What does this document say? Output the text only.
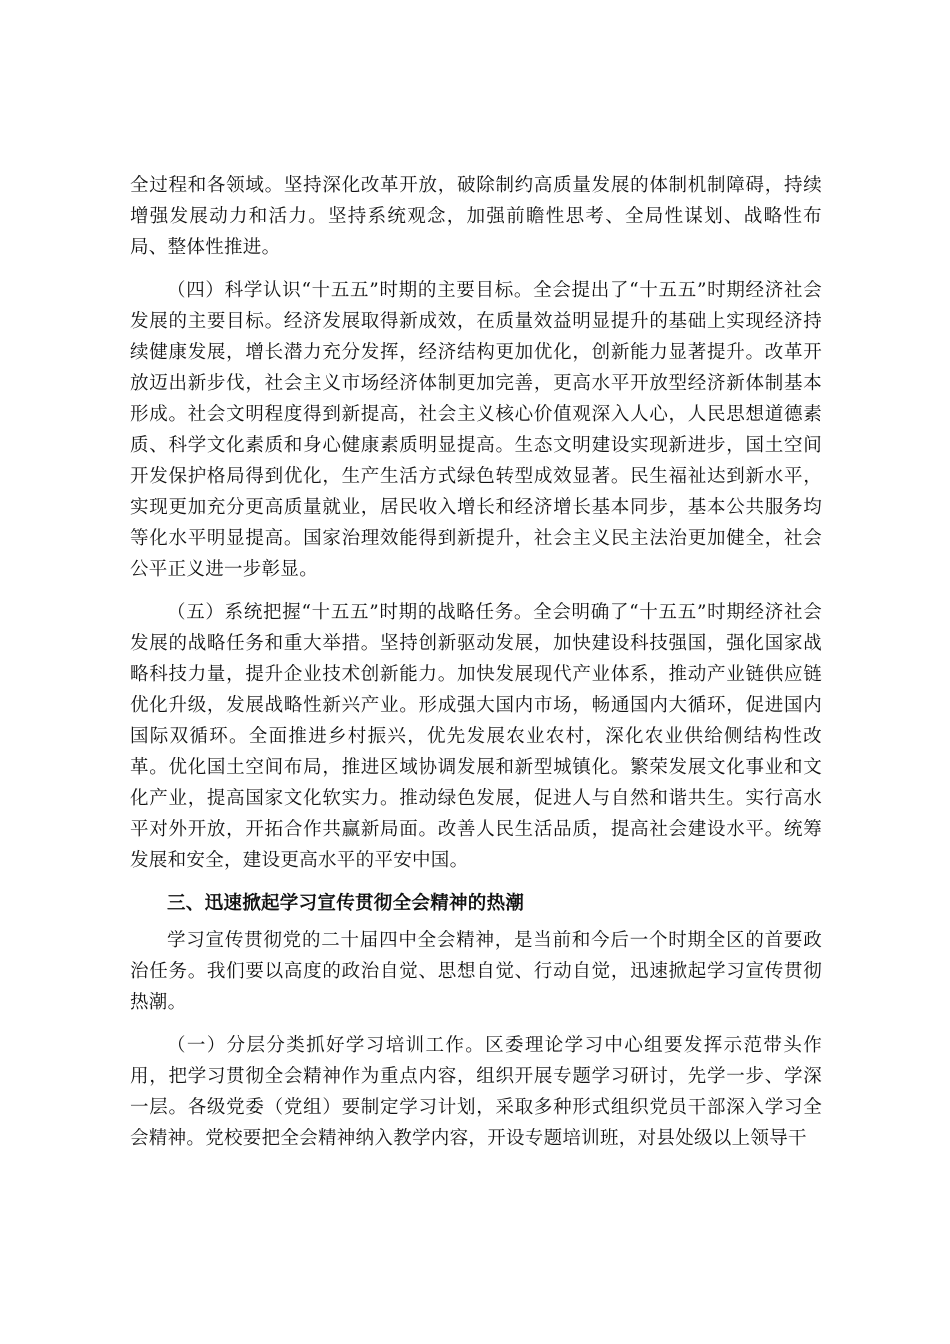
全过程和各领域。坚持深化改革开放，破除制约高质量发展的体制机制障碍，持续增强发展动力和活力。坚持系统观念，加强前瞻性思考、全局性谋划、战略性布局、整体性推进。

（四）科学认识“十五五”时期的主要目标。全会提出了“十五五”时期经济社会发展的主要目标。经济发展取得新成效，在质量效益明显提升的基础上实现经济持续健康发展，增长潜力充分发挥，经济结构更加优化，创新能力显著提升。改革开放迈出新步伐，社会主义市场经济体制更加完善，更高水平开放型经济新体制基本形成。社会文明程度得到新提高，社会主义核心价值观深入人心，人民思想道德素质、科学文化素质和身心健康素质明显提高。生态文明建设实现新进步，国土空间开发保护格局得到优化，生产生活方式绿色转型成效显著。民生福祉达到新水平，实现更加充分更高质量就业，居民收入增长和经济增长基本同步，基本公共服务均等化水平明显提高。国家治理效能得到新提升，社会主义民主法治更加健全，社会公平正义进一步彰显。

（五）系统把握“十五五”时期的战略任务。全会明确了“十五五”时期经济社会发展的战略任务和重大举措。坚持创新驱动发展，加快建设科技强国，强化国家战略科技力量，提升企业技术创新能力。加快发展现代产业体系，推动产业链供应链优化升级，发展战略性新兴产业。形成强大国内市场，畅通国内大循环，促进国内国际双循环。全面推进乡村振兴，优先发展农业农村，深化农业供给侧结构性改革。优化国土空间布局，推进区域协调发展和新型城镇化。繁荣发展文化事业和文化产业，提高国家文化软实力。推动绿色发展，促进人与自然和谐共生。实行高水平对外开放，开拓合作共赢新局面。改善人民生活品质，提高社会建设水平。统筹发展和安全，建设更高水平的平安中国。

三、迅速掀起学习宣传贯彻全会精神的热潮

学习宣传贯彻党的二十届四中全会精神，是当前和今后一个时期全区的首要政治任务。我们要以高度的政治自觉、思想自觉、行动自觉，迅速掀起学习宣传贯彻热潮。

（一）分层分类抓好学习培训工作。区委理论学习中心组要发挥示范带头作用，把学习贯彻全会精神作为重点内容，组织开展专题学习研讨，先学一步、学深一层。各级党委（党组）要制定学习计划，采取多种形式组织党员干部深入学习全会精神。党校要把全会精神纳入教学内容，开设专题培训班，对县处级以上领导干
